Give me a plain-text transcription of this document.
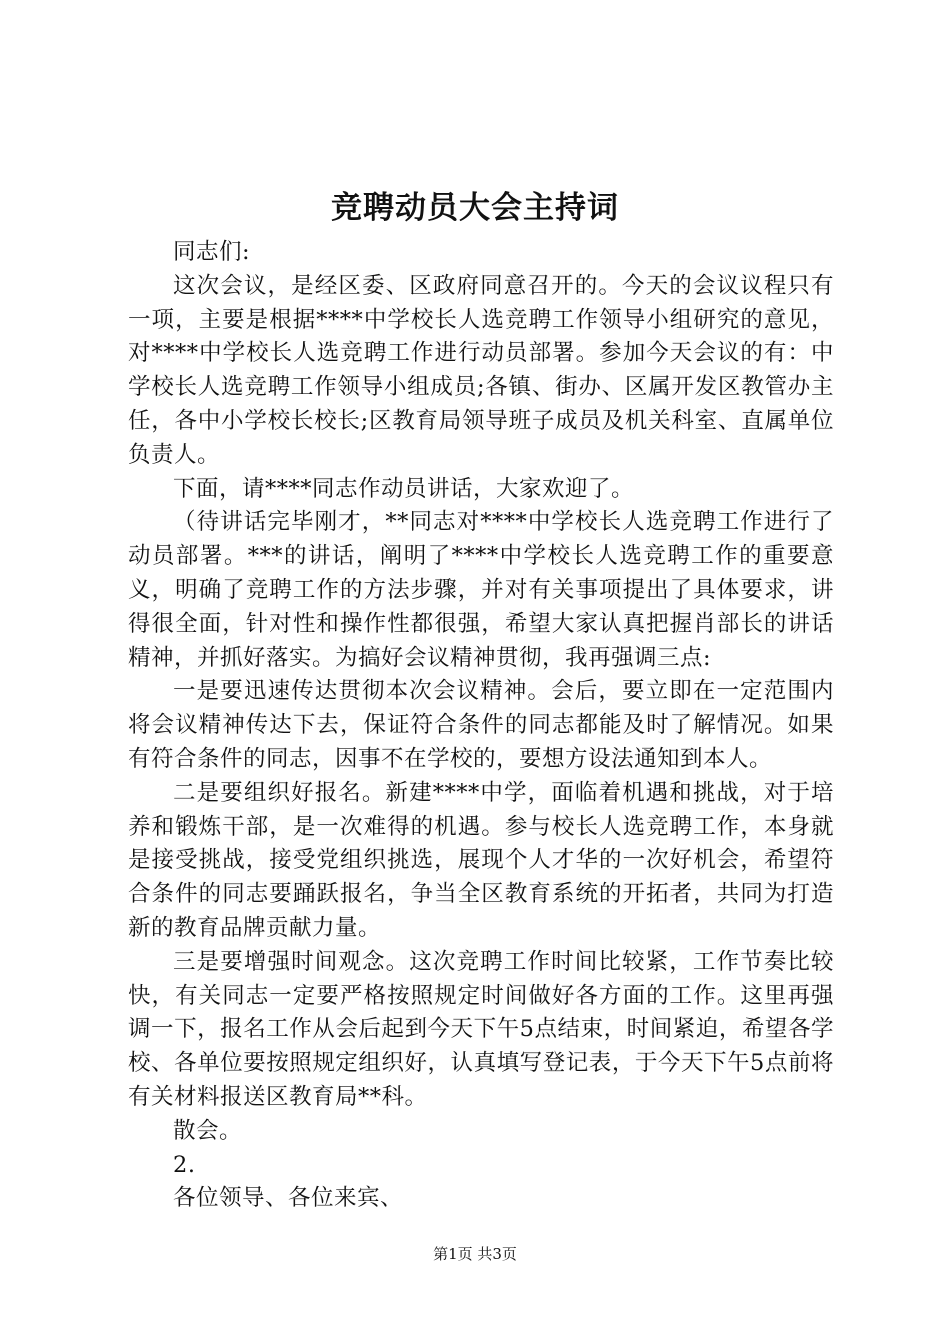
竞聘动员大会主持词

同志们:

这次会议，是经区委、区政府同意召开的。今天的会议议程只有一项，主要是根据****中学校长人选竞聘工作领导小组研究的意见，对****中学校长人选竞聘工作进行动员部署。参加今天会议的有：中学校长人选竞聘工作领导小组成员;各镇、街办、区属开发区教管办主任，各中小学校长校长;区教育局领导班子成员及机关科室、直属单位负责人。

下面，请****同志作动员讲话，大家欢迎了。

（待讲话完毕刚才，**同志对****中学校长人选竞聘工作进行了动员部署。***的讲话，阐明了****中学校长人选竞聘工作的重要意义，明确了竞聘工作的方法步骤，并对有关事项提出了具体要求，讲得很全面，针对性和操作性都很强，希望大家认真把握肖部长的讲话精神，并抓好落实。为搞好会议精神贯彻，我再强调三点:

一是要迅速传达贯彻本次会议精神。会后，要立即在一定范围内将会议精神传达下去，保证符合条件的同志都能及时了解情况。如果有符合条件的同志，因事不在学校的，要想方设法通知到本人。

二是要组织好报名。新建****中学，面临着机遇和挑战，对于培养和锻炼干部，是一次难得的机遇。参与校长人选竞聘工作，本身就是接受挑战，接受党组织挑选，展现个人才华的一次好机会，希望符合条件的同志要踊跃报名，争当全区教育系统的开拓者，共同为打造新的教育品牌贡献力量。

三是要增强时间观念。这次竞聘工作时间比较紧，工作节奏比较快，有关同志一定要严格按照规定时间做好各方面的工作。这里再强调一下，报名工作从会后起到今天下午5点结束，时间紧迫，希望各学校、各单位要按照规定组织好，认真填写登记表，于今天下午5点前将有关材料报送区教育局**科。

散会。

2.

各位领导、各位来宾、

第1页 共3页
